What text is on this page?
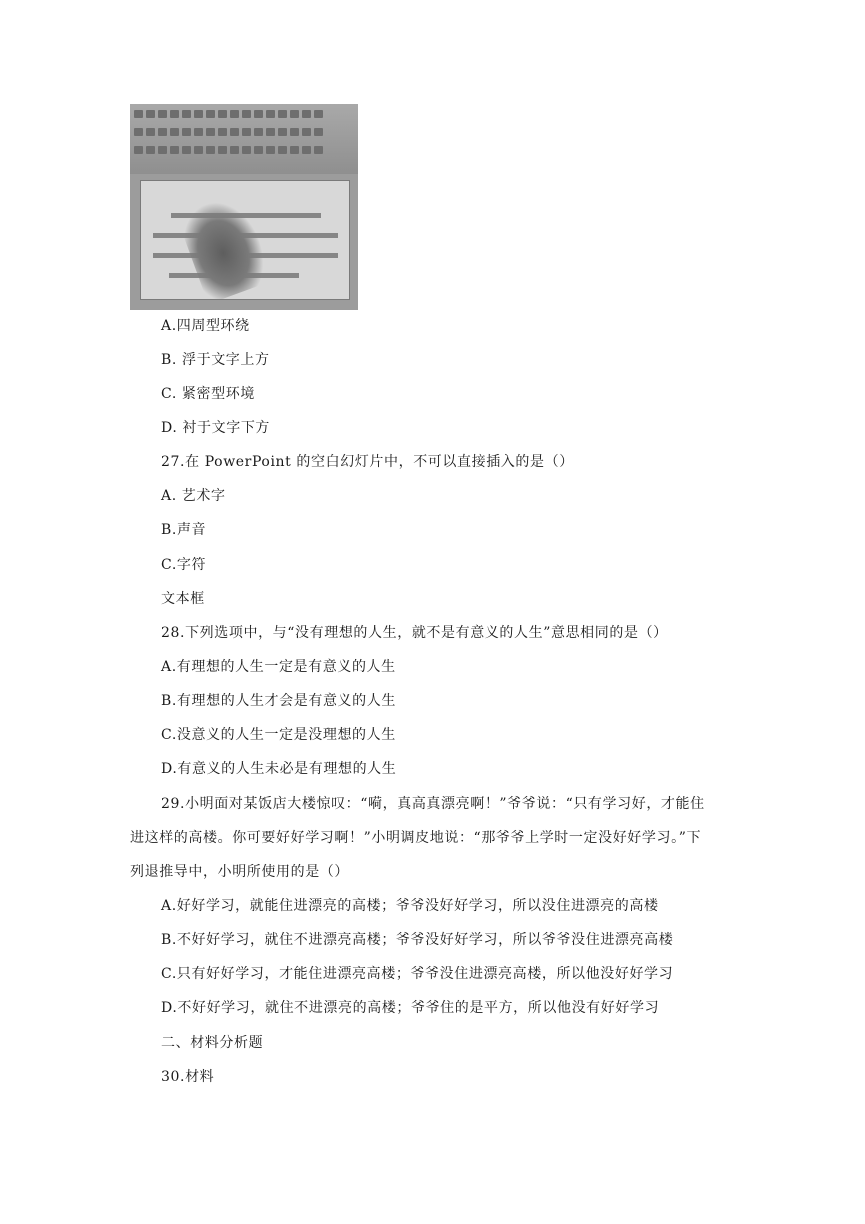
A.四周型环绕
B. 浮于文字上方
C. 紧密型环境
D. 衬于文字下方
27.在 PowerPoint 的空白幻灯片中，不可以直接插入的是（）
A. 艺术字
B.声音
C.字符
文本框
28.下列选项中，与“没有理想的人生，就不是有意义的人生”意思相同的是（）
A.有理想的人生一定是有意义的人生
B.有理想的人生才会是有意义的人生
C.没意义的人生一定是没理想的人生
D.有意义的人生未必是有理想的人生
29.小明面对某饭店大楼惊叹：“嗬，真高真漂亮啊！”爷爷说：“只有学习好，才能住
进这样的高楼。你可要好好学习啊！”小明调皮地说：“那爷爷上学时一定没好好学习。”下
列退推导中，小明所使用的是（）
A.好好学习，就能住进漂亮的高楼；爷爷没好好学习，所以没住进漂亮的高楼
B.不好好学习，就住不进漂亮高楼；爷爷没好好学习，所以爷爷没住进漂亮高楼
C.只有好好学习，才能住进漂亮高楼；爷爷没住进漂亮高楼，所以他没好好学习
D.不好好学习，就住不进漂亮的高楼；爷爷住的是平方，所以他没有好好学习
二、材料分析题
30.材料
